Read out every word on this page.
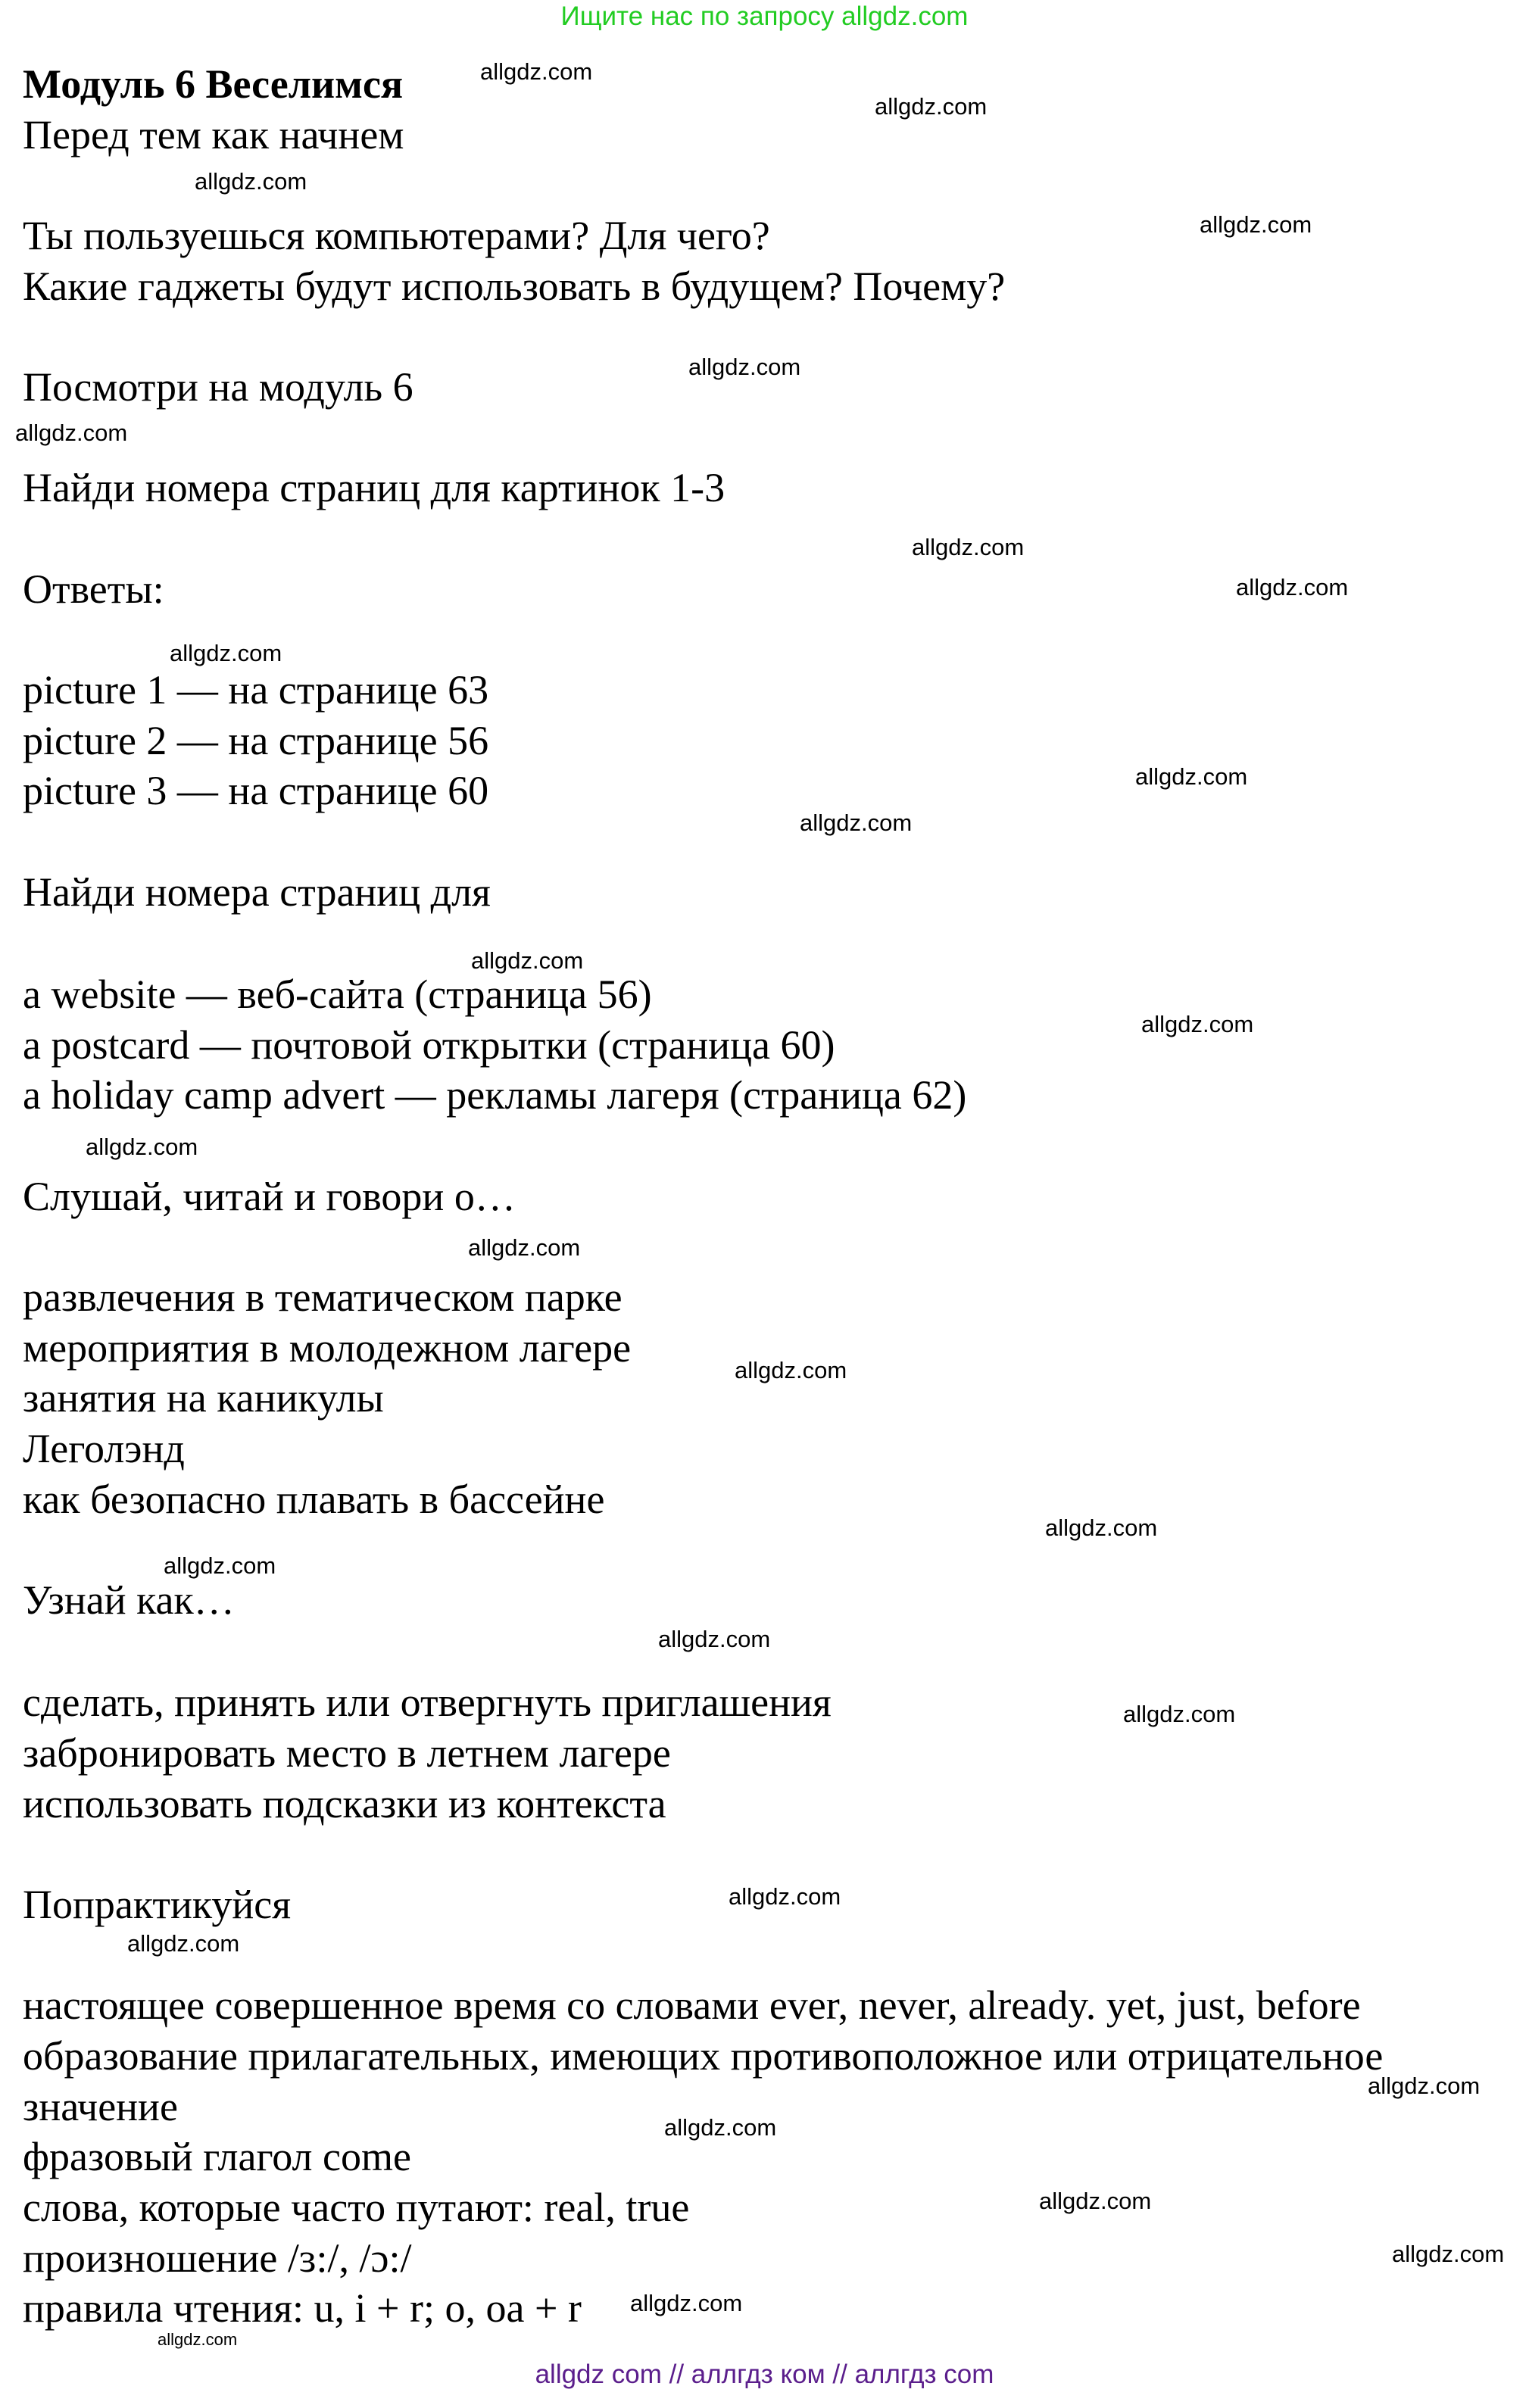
Ищите нас по запросу allgdz.com
Модуль 6 Веселимся
Перед тем как начнем
Ты пользуешься компьютерами? Для чего?
Какие гаджеты будут использовать в будущем? Почему?
Посмотри на модуль 6
Найди номера страниц для картинок 1-3
Ответы:
picture 1 — на странице 63
picture 2 — на странице 56
picture 3 — на странице 60
Найди номера страниц для
a website — веб-сайта (страница 56)
a postcard — почтовой открытки (страница 60)
a holiday camp advert — рекламы лагеря (страница 62)
Слушай, читай и говори о…
развлечения в тематическом парке
мероприятия в молодежном лагере
занятия на каникулы
Леголэнд
как безопасно плавать в бассейне
Узнай как…
сделать, принять или отвергнуть приглашения
забронировать место в летнем лагере
использовать подсказки из контекста
Попрактикуйся
настоящее совершенное время со словами ever, never, already. yet, just, before
образование прилагательных, имеющих противоположное или отрицательное
значение
фразовый глагол come
слова, которые часто путают: real, true
произношение /ɜ:/, /ɔ:/
правила чтения: u, i + r; o, oa + r
allgdz.com
allgdz.com
allgdz.com
allgdz.com
allgdz.com
allgdz.com
allgdz.com
allgdz.com
allgdz.com
allgdz.com
allgdz.com
allgdz.com
allgdz.com
allgdz.com
allgdz.com
allgdz.com
allgdz.com
allgdz.com
allgdz.com
allgdz.com
allgdz.com
allgdz.com
allgdz.com
allgdz.com
allgdz.com
allgdz.com
allgdz.com
allgdz.com
allgdz com // аллгдз ком // аллгдз com
